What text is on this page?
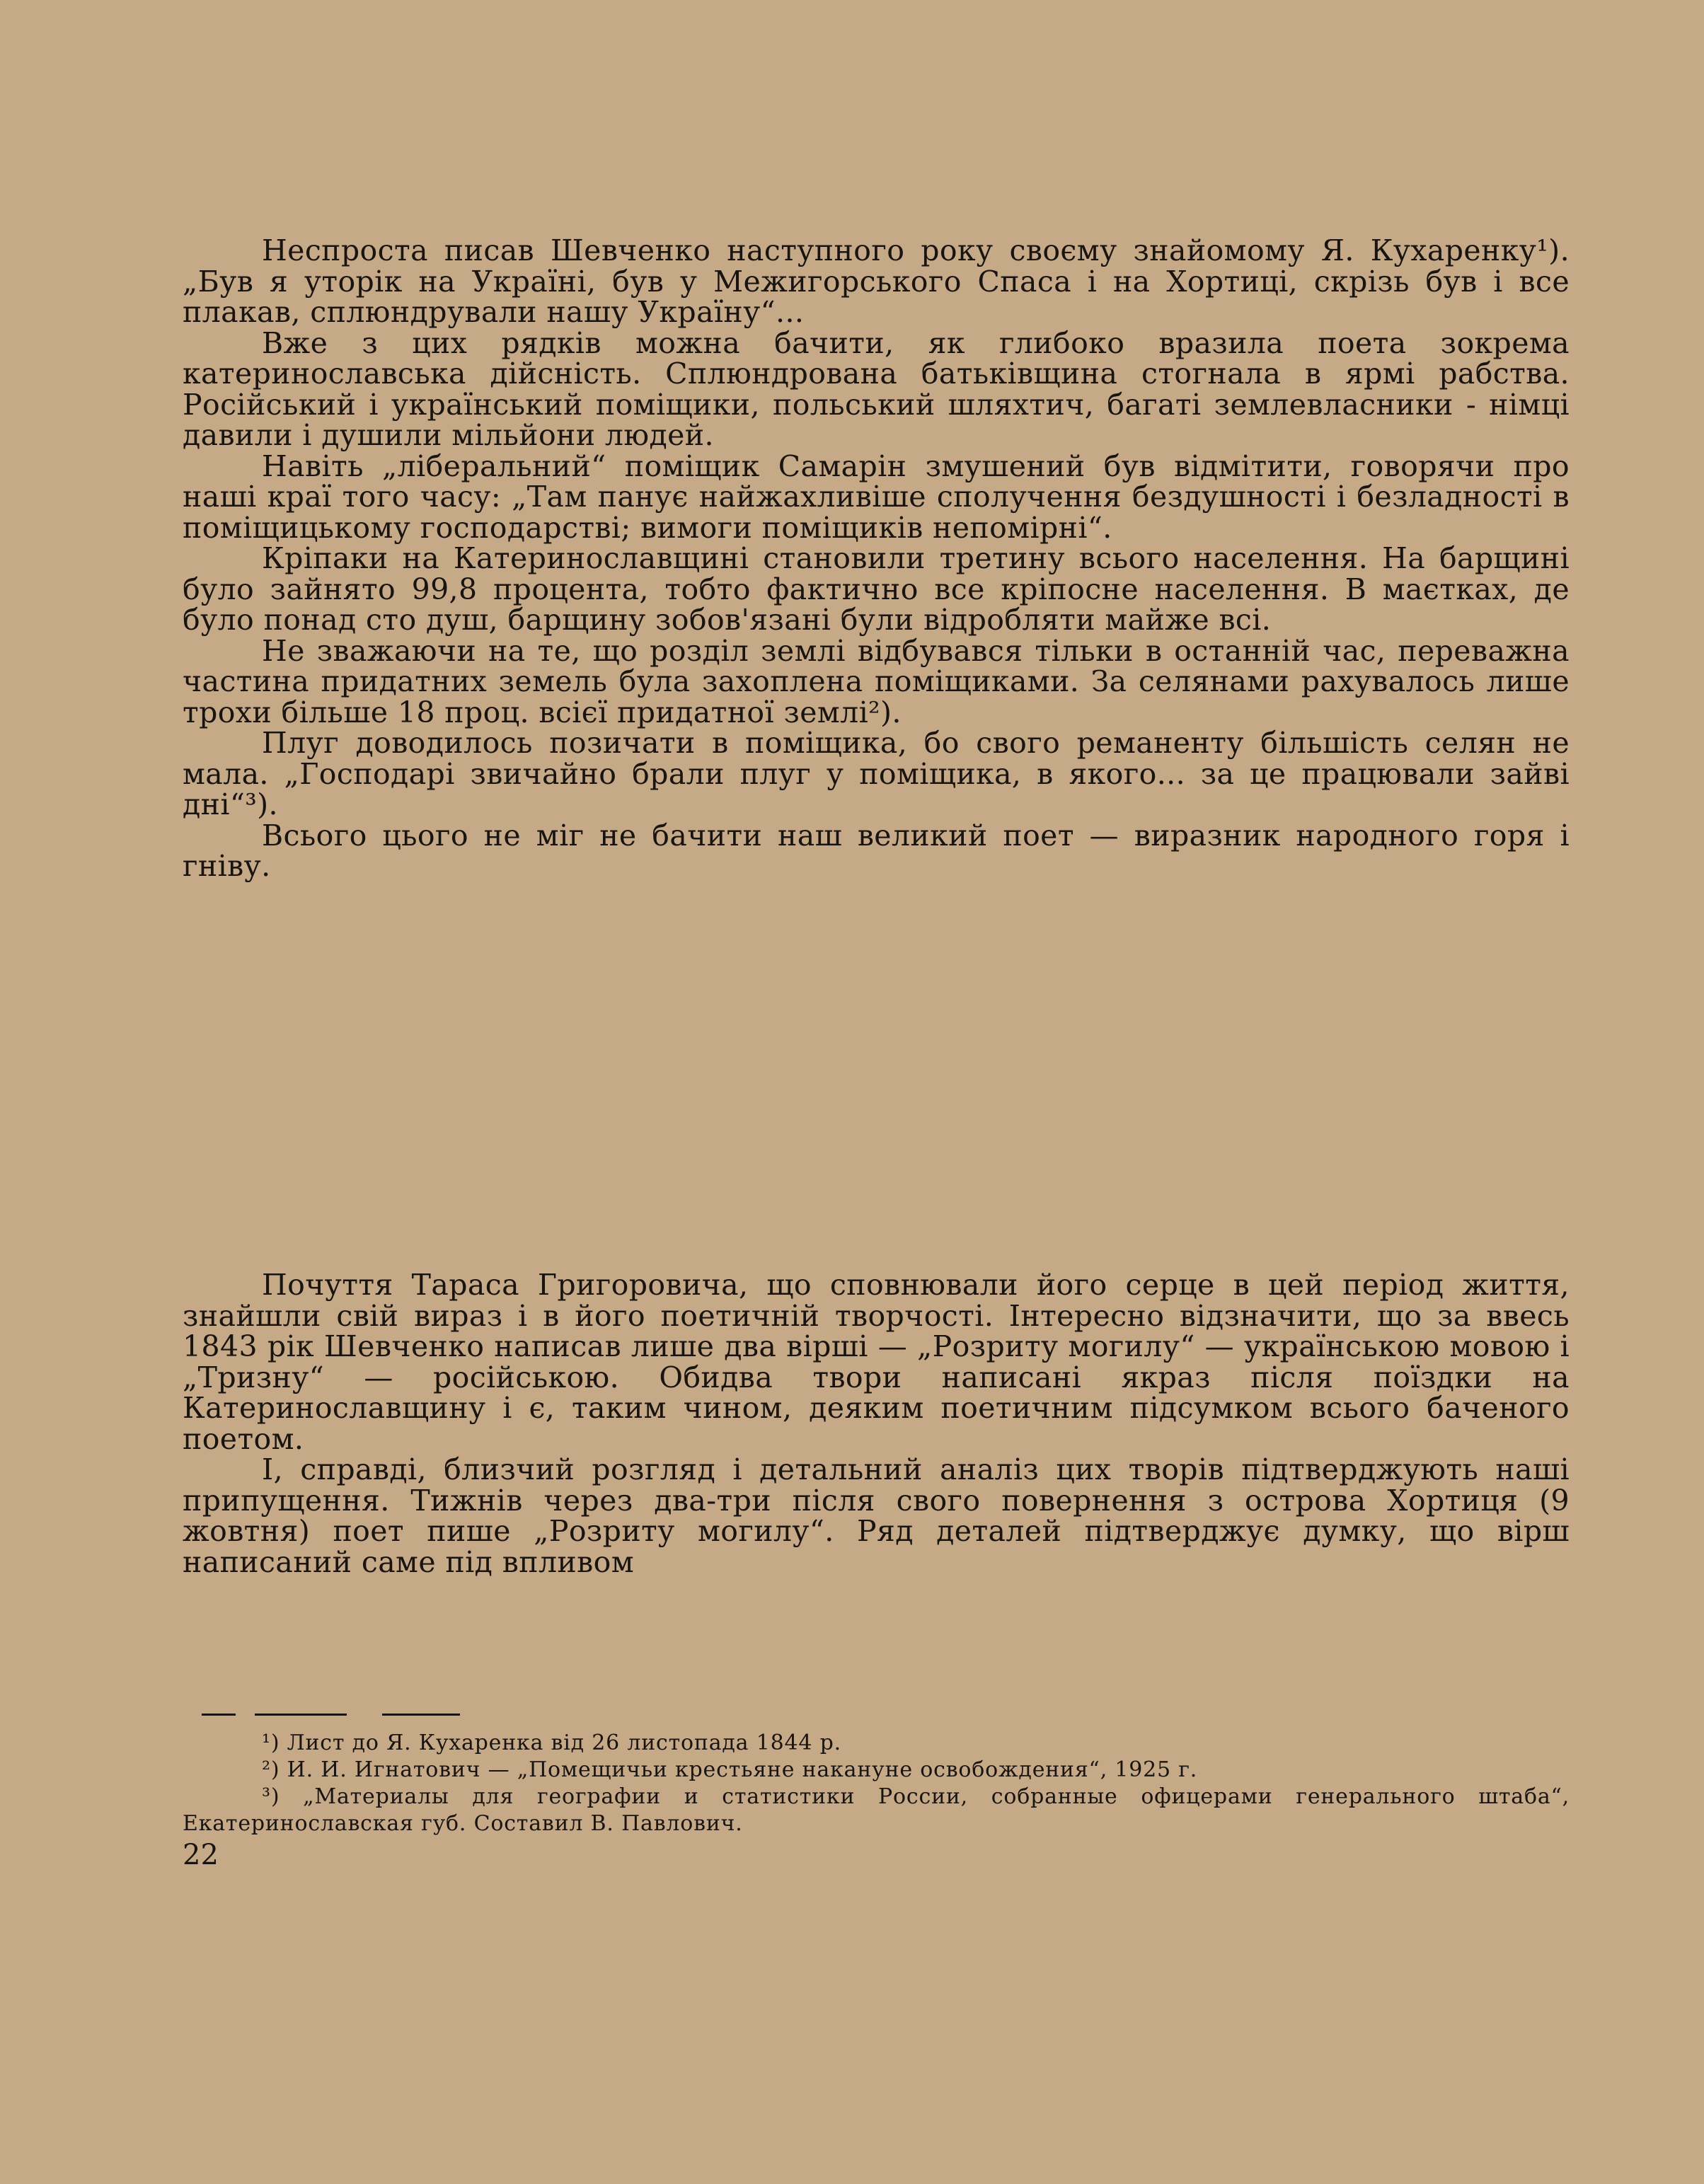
Неспроста писав Шевченко наступного року своєму знайомому Я. Кухаренку¹). „Був я уторік на Україні, був у Межигорського Спаса і на Хортиці, скрізь був і все плакав, сплюндрували нашу Україну“...

Вже з цих рядків можна бачити, як глибоко вразила поета зокрема катеринославська дійсність. Сплюндрована батьківщина стогнала в ярмі рабства. Російський і український поміщики, польський шляхтич, багаті землевласники - німці давили і душили мільйони людей.

Навіть „ліберальний“ поміщик Самарін змушений був відмітити, говорячи про наші краї того часу: „Там панує найжахливіше сполучення бездушності і безладності в поміщицькому господарстві; вимоги поміщиків непомірні“.

Кріпаки на Катеринославщині становили третину всього населення. На барщині було зайнято 99,8 процента, тобто фактично все кріпосне населення. В маєтках, де було понад сто душ, барщину зобов'язані були відробляти майже всі.

Не зважаючи на те, що розділ землі відбувався тільки в останній час, переважна частина придатних земель була захоплена поміщиками. За селянами рахувалось лише трохи більше 18 проц. всієї придатної землі²).

Плуг доводилось позичати в поміщика, бо свого реманенту більшість селян не мала. „Господарі звичайно брали плуг у поміщика, в якого... за це працювали зайві дні“³).

Всього цього не міг не бачити наш великий поет — виразник народного горя і гніву.

Почуття Тараса Григоровича, що сповнювали його серце в цей період життя, знайшли свій вираз і в його поетичній творчості. Інтересно відзначити, що за ввесь 1843 рік Шевченко написав лише два вірші — „Розриту могилу“ — українською мовою і „Тризну“ — російською. Обидва твори написані якраз після поїздки на Катеринославщину і є, таким чином, деяким поетичним підсумком всього баченого поетом.

І, справді, близчий розгляд і детальний аналіз цих творів підтверджують наші припущення. Тижнів через два-три після свого повернення з острова Хортиця (9 жовтня) поет пише „Розриту могилу“. Ряд деталей підтверджує думку, що вірш написаний саме під впливом

¹) Лист до Я. Кухаренка від 26 листопада 1844 р.

²) И. И. Игнатович — „Помещичьи крестьяне накануне освобождения“, 1925 г.

³) „Материалы для географии и статистики России, собранные офицерами генерального штаба“, Екатеринославская губ. Составил В. Павлович.

22
